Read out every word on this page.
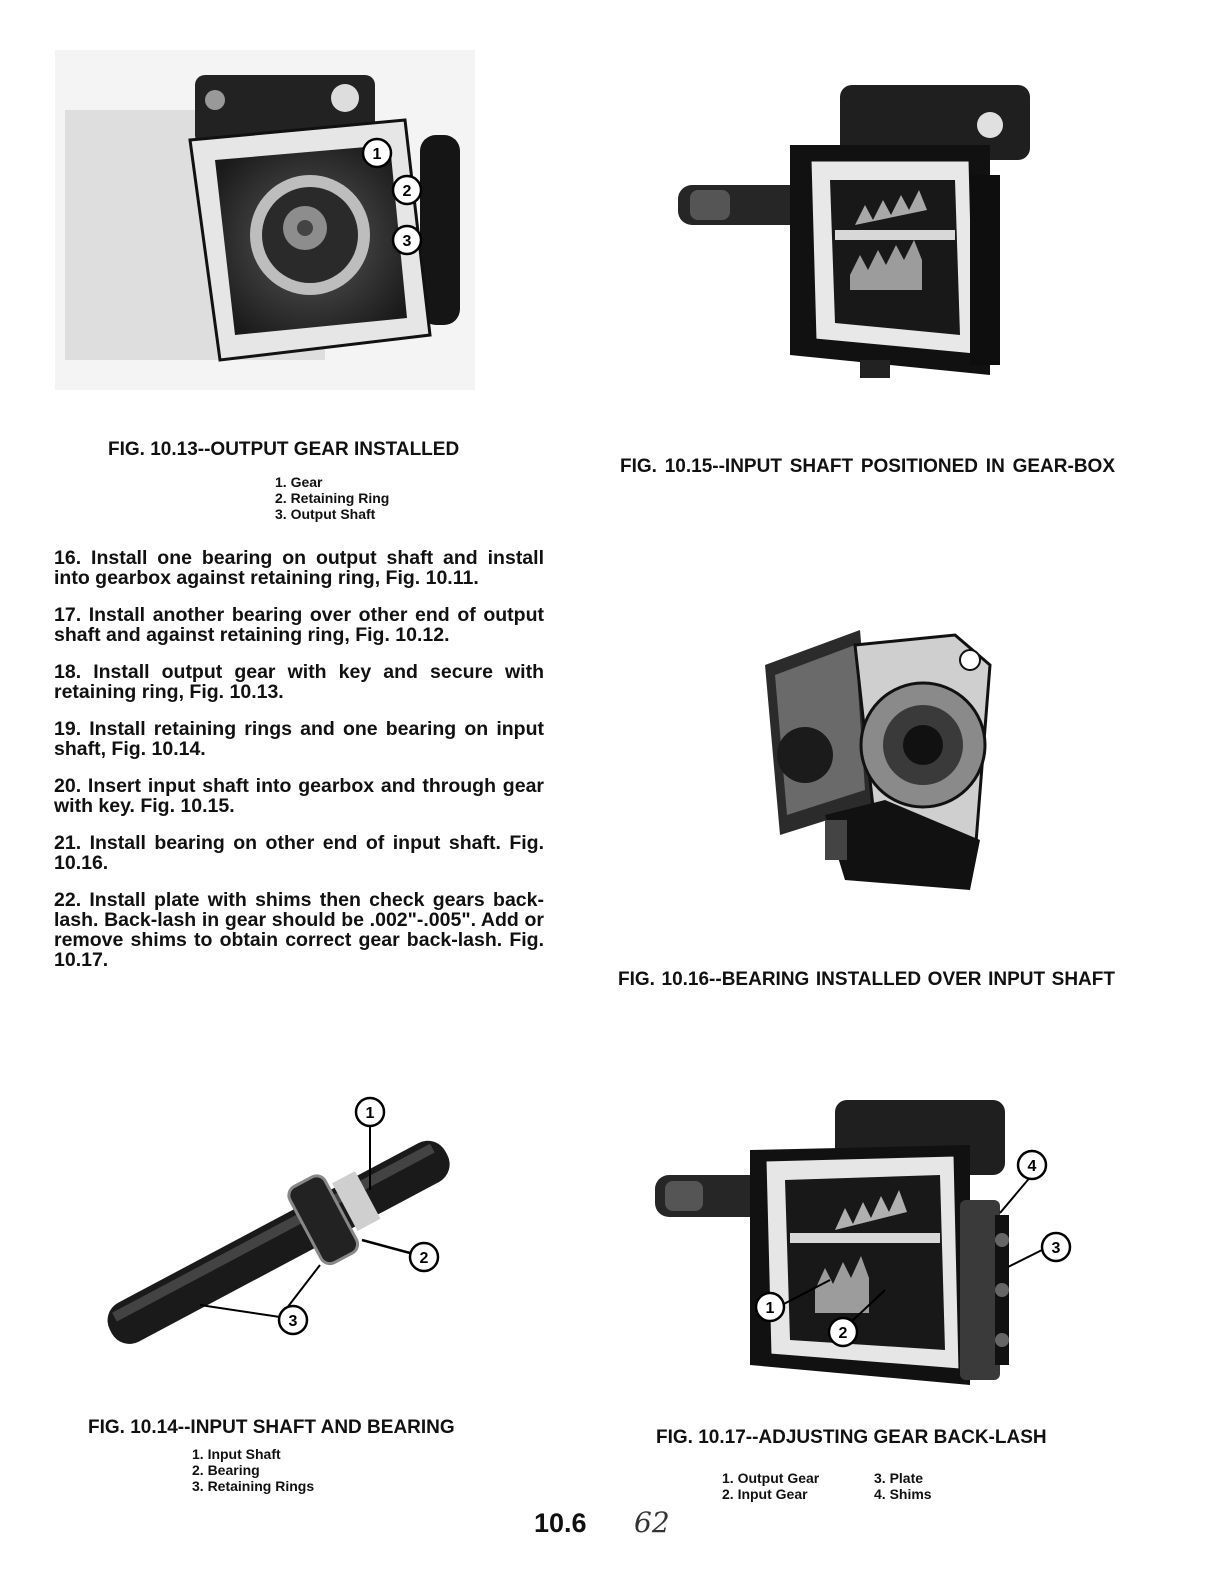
1
2
3

FIG. 10.13--OUTPUT GEAR INSTALLED

1. Gear
2. Retaining Ring
3. Output Shaft

FIG. 10.15--INPUT SHAFT POSITIONED IN GEAR-BOX

16. Install one bearing on output shaft and install into gearbox against retaining ring, Fig. 10.11.

17. Install another bearing over other end of output shaft and against retaining ring, Fig. 10.12.

18. Install output gear with key and secure with retaining ring, Fig. 10.13.

19. Install retaining rings and one bearing on input shaft, Fig. 10.14.

20. Insert input shaft into gearbox and through gear with key. Fig. 10.15.

21. Install bearing on other end of input shaft. Fig. 10.16.

22. Install plate with shims then check gears back-lash. Back-lash in gear should be .002"-.005". Add or remove shims to obtain correct gear back-lash. Fig. 10.17.

FIG. 10.16--BEARING INSTALLED OVER INPUT SHAFT

1
2
3
4
3
1
2

FIG. 10.14--INPUT SHAFT AND BEARING

1. Input Shaft
2. Bearing
3. Retaining Rings

FIG. 10.17--ADJUSTING GEAR BACK-LASH

1. Output Gear
2. Input Gear
3. Plate
4. Shims
10.6 62
